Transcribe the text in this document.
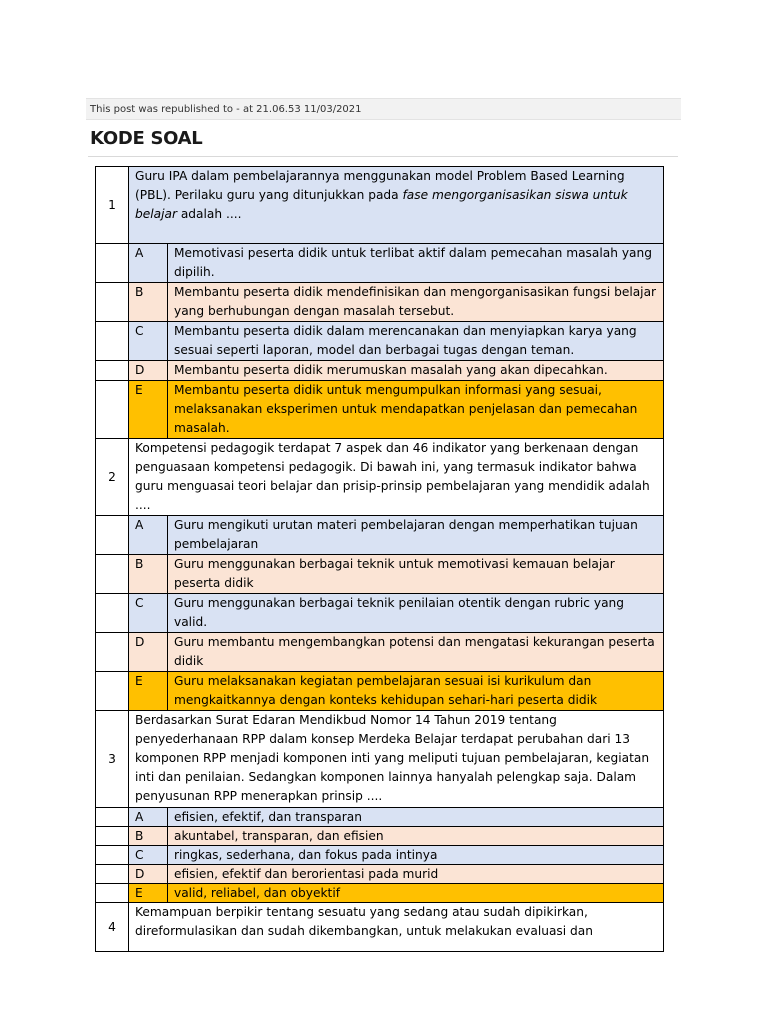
This post was republished to - at 21.06.53 11/03/2021
KODE SOAL
1	Guru IPA dalam pembelajarannya menggunakan model Problem Based Learning (PBL). Perilaku guru yang ditunjukkan pada fase mengorganisasikan siswa untuk belajar adalah ....	
	A	Memotivasi peserta didik untuk terlibat aktif dalam pemecahan masalah yang dipilih.
	B	Membantu peserta didik mendefinisikan dan mengorganisasikan fungsi belajar yang berhubungan dengan masalah tersebut.
	C	Membantu peserta didik dalam merencanakan dan menyiapkan karya yang sesuai seperti laporan, model dan berbagai tugas dengan teman.
	D	Membantu peserta didik merumuskan masalah yang akan dipecahkan.
	E	Membantu peserta didik untuk mengumpulkan informasi yang sesuai, melaksanakan eksperimen untuk mendapatkan penjelasan dan pemecahan masalah.
2	Kompetensi pedagogik terdapat 7 aspek dan 46 indikator yang berkenaan dengan penguasaan kompetensi pedagogik. Di bawah ini, yang termasuk indikator bahwa guru menguasai teori belajar dan prisip-prinsip pembelajaran yang mendidik adalah ....	
	A	Guru mengikuti urutan materi pembelajaran dengan memperhatikan tujuan pembelajaran
	B	Guru menggunakan berbagai teknik untuk memotivasi kemauan belajar peserta didik
	C	Guru menggunakan berbagai teknik penilaian otentik dengan rubric yang valid.
	D	Guru membantu mengembangkan potensi dan mengatasi kekurangan peserta didik
	E	Guru melaksanakan kegiatan pembelajaran sesuai isi kurikulum dan mengkaitkannya dengan konteks kehidupan sehari-hari peserta didik
3	Berdasarkan Surat Edaran Mendikbud Nomor 14 Tahun 2019 tentang penyederhanaan RPP dalam konsep Merdeka Belajar terdapat perubahan dari 13 komponen RPP menjadi komponen inti yang meliputi tujuan pembelajaran, kegiatan inti dan penilaian. Sedangkan komponen lainnya hanyalah pelengkap saja. Dalam penyusunan RPP menerapkan prinsip ....	
	A	efisien, efektif, dan transparan
	B	akuntabel, transparan, dan efisien
	C	ringkas, sederhana, dan fokus pada intinya
	D	efisien, efektif dan berorientasi pada murid
	E	valid, reliabel, dan obyektif
4	Kemampuan berpikir tentang sesuatu yang sedang atau sudah dipikirkan, direformulasikan dan sudah dikembangkan, untuk melakukan evaluasi dan	
